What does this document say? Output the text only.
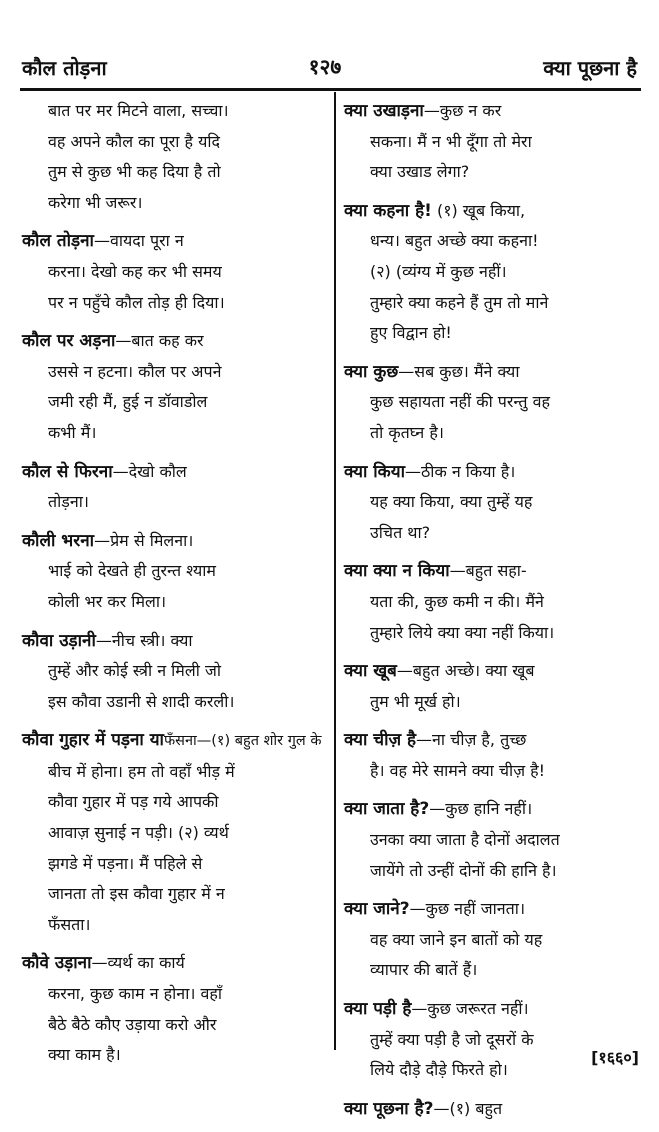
कौल तोड़ना	१२७	क्या पूछना है
बात पर मर मिटने वाला, सच्चा।
वह अपने कौल का पूरा है यदि
तुम से कुछ भी कह दिया है तो
करेगा भी जरूर।
कौल तोड़ना—वायदा पूरा न
करना। देखो कह कर भी समय
पर न पहुँचे कौल तोड़ ही दिया।
कौल पर अड़ना—बात कह कर
उससे न हटना। कौल पर अपने
जमी रही मैं, हुई न डॉवाडोल
कभी मैं।
कौल से फिरना—देखो कौल
तोड़ना।
कौली भरना—प्रेम से मिलना।
भाई को देखते ही तुरन्त श्याम
कोली भर कर मिला।
कौवा उड़ानी—नीच स्त्री। क्या
तुम्हें और कोई स्त्री न मिली जो
इस कौवा उडानी से शादी करली।
कौवा गुहार में पड़ना याफँसना—(१) बहुत शोर गुल के
बीच में होना। हम तो वहाँ भीड़ में
कौवा गुहार में पड़ गये आपकी
आवाज़ सुनाई न पड़ी। (२) व्यर्थ
झगडे में पड़ना। मैं पहिले से
जानता तो इस कौवा गुहार में न
फँसता।
कौवे उड़ाना—व्यर्थ का कार्य
करना, कुछ काम न होना। वहाँ
बैठे बैठे कौए उड़ाया करो और
क्या काम है।
क्या उखाड़ना—कुछ न कर
सकना। मैं न भी दूँगा तो मेरा
क्या उखाड लेगा?
क्या कहना है! (१) खूब किया,
धन्य। बहुत अच्छे क्या कहना!
(२) (व्यंग्य में कुछ नहीं।
तुम्हारे क्या कहने हैं तुम तो माने
हुए विद्वान हो!
क्या कुछ—सब कुछ। मैंने क्या
कुछ सहायता नहीं की परन्तु वह
तो कृतघ्न है।
क्या किया—ठीक न किया है।
यह क्या किया, क्या तुम्हें यह
उचित था?
क्या क्या न किया—बहुत सहा-
यता की, कुछ कमी न की। मैंने
तुम्हारे लिये क्या क्या नहीं किया।
क्या खूब—बहुत अच्छे। क्या खूब
तुम भी मूर्ख हो।
क्या चीज़ है—ना चीज़ है, तुच्छ
है। वह मेरे सामने क्या चीज़ है!
क्या जाता है?—कुछ हानि नहीं।
उनका क्या जाता है दोनों अदालत
जायेंगे तो उन्हीं दोनों की हानि है।
क्या जाने?—कुछ नहीं जानता।
वह क्या जाने इन बातों को यह
व्यापार की बातें हैं।
क्या पड़ी है—कुछ जरूरत नहीं।
तुम्हें क्या पड़ी है जो दूसरों के
लिये दौड़े दौड़े फिरते हो।
क्या पूछना है?—(१) बहुत
[१६६०]
